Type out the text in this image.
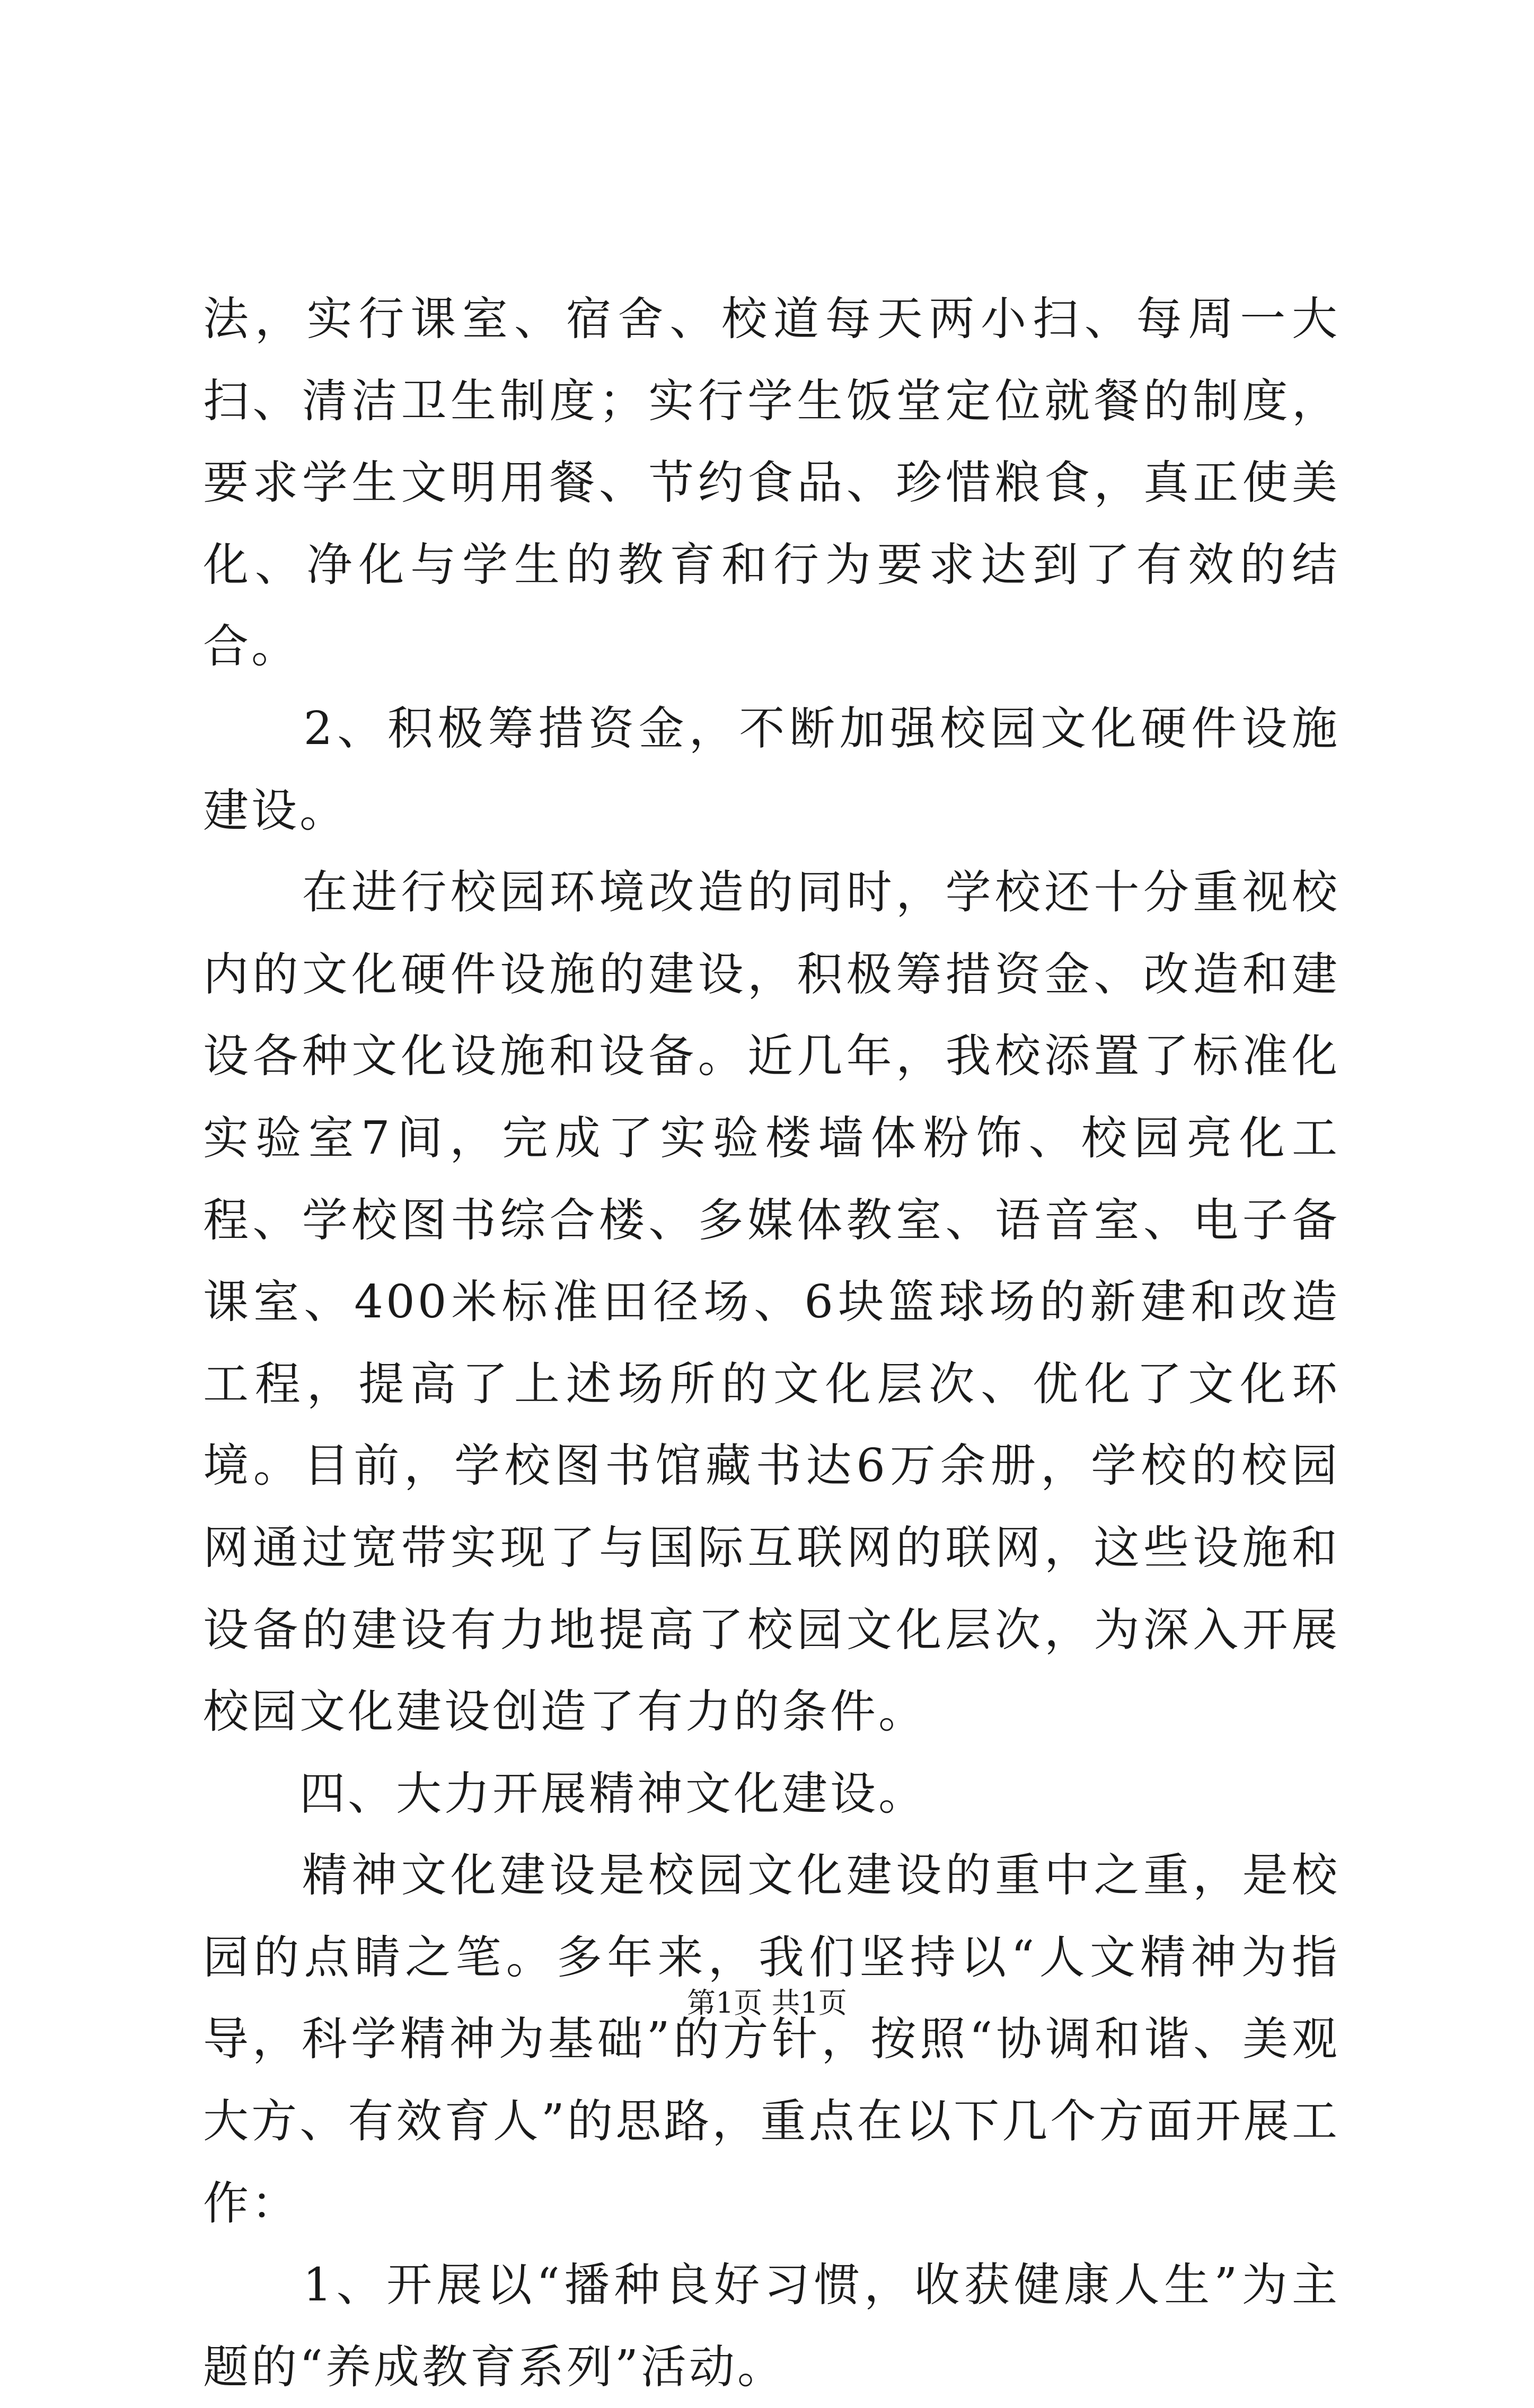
法，实行课室、宿舍、校道每天两小扫、每周一大扫、清洁卫生制度；实行学生饭堂定位就餐的制度，要求学生文明用餐、节约食品、珍惜粮食，真正使美化、净化与学生的教育和行为要求达到了有效的结合。

　　2、积极筹措资金，不断加强校园文化硬件设施建设。

　　在进行校园环境改造的同时，学校还十分重视校内的文化硬件设施的建设，积极筹措资金、改造和建设各种文化设施和设备。近几年，我校添置了标准化实验室7间，完成了实验楼墙体粉饰、校园亮化工程、学校图书综合楼、多媒体教室、语音室、电子备课室、400米标准田径场、6块篮球场的新建和改造工程，提高了上述场所的文化层次、优化了文化环境。目前，学校图书馆藏书达6万余册，学校的校园网通过宽带实现了与国际互联网的联网，这些设施和设备的建设有力地提高了校园文化层次，为深入开展校园文化建设创造了有力的条件。

　　四、大力开展精神文化建设。

　　精神文化建设是校园文化建设的重中之重，是校园的点睛之笔。多年来，我们坚持以“人文精神为指导，科学精神为基础”的方针，按照“协调和谐、美观大方、有效育人”的思路，重点在以下几个方面开展工作：

　　1、开展以“播种良好习惯，收获健康人生”为主题的“养成教育系列”活动。

第1页 共1页
